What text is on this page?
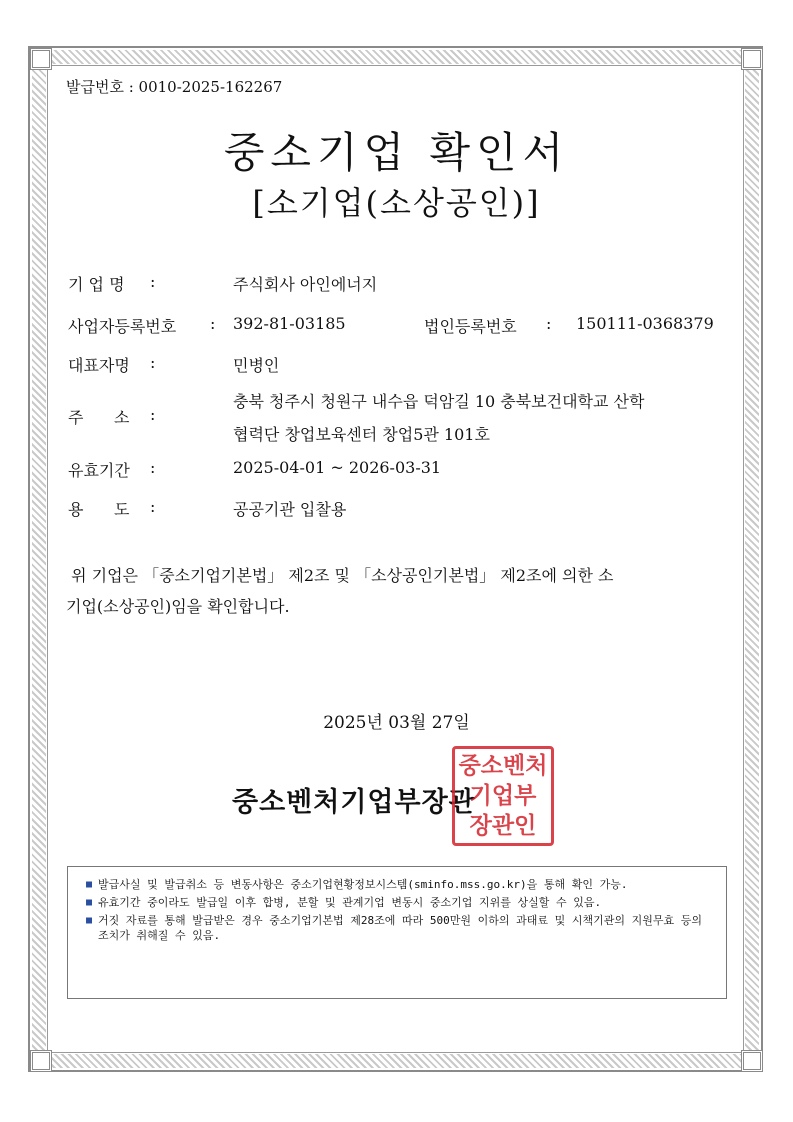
발급번호 : 0010-2025-162267
중소기업 확인서
[소기업(소상공인)]
기 업 명 :	주식회사 아인에너지
사업자등록번호 : 392-81-03185	법인등록번호 : 150111-0368379
대표자명 :	민병인
주      소 :
충북 청주시 청원구 내수읍 덕암길 10 충북보건대학교 산학
협력단 창업보육센터 창업5관 101호
유효기간 :	2025-04-01 ~ 2026-03-31
용      도 :	공공기관 입찰용
위 기업은 「중소기업기본법」 제2조 및 「소상공인기본법」 제2조에 의한 소
기업(소상공인)임을 확인합니다.
2025년 03월 27일
중소벤처기업부장관
중소벤처
기업부
장관인
■ 발급사실 및 발급취소 등 변동사항은 중소기업현황정보시스템(sminfo.mss.go.kr)을 통해 확인 가능.
■ 유효기간 중이라도 발급일 이후 합병, 분할 및 관계기업 변동시 중소기업 지위를 상실할 수 있음.
■ 거짓 자료를 통해 발급받은 경우 중소기업기본법 제28조에 따라 500만원 이하의 과태료 및 시책기관의 지원무효 등의 조치가 취해질 수 있음.
